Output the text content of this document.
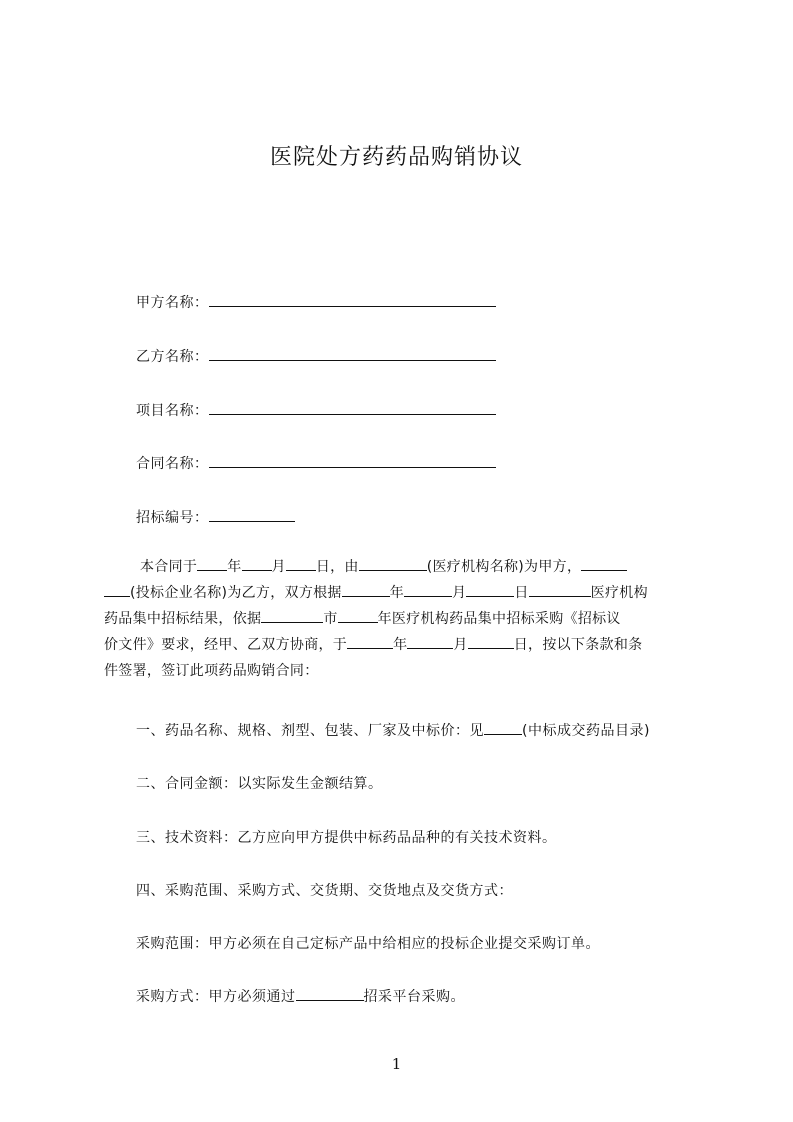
医院处方药药品购销协议
甲方名称：
乙方名称：
项目名称：
合同名称：
招标编号：
本合同于 年 月 日，由	(医疗机构名称)为甲方，
(投标企业名称)为乙方，双方根据	年	月	日	医疗机构
药品集中招标结果，依据	市	年医疗机构药品集中招标采购《招标议
价文件》要求，经甲、乙双方协商，于	年	月	日，按以下条款和条
件签署，签订此项药品购销合同：
一、药品名称、规格、剂型、包装、厂家及中标价：见	(中标成交药品目录)
二、合同金额：以实际发生金额结算。
三、技术资料：乙方应向甲方提供中标药品品种的有关技术资料。
四、采购范围、采购方式、交货期、交货地点及交货方式：
采购范围：甲方必须在自己定标产品中给相应的投标企业提交采购订单。
采购方式：甲方必须通过	招采平台采购。
1
